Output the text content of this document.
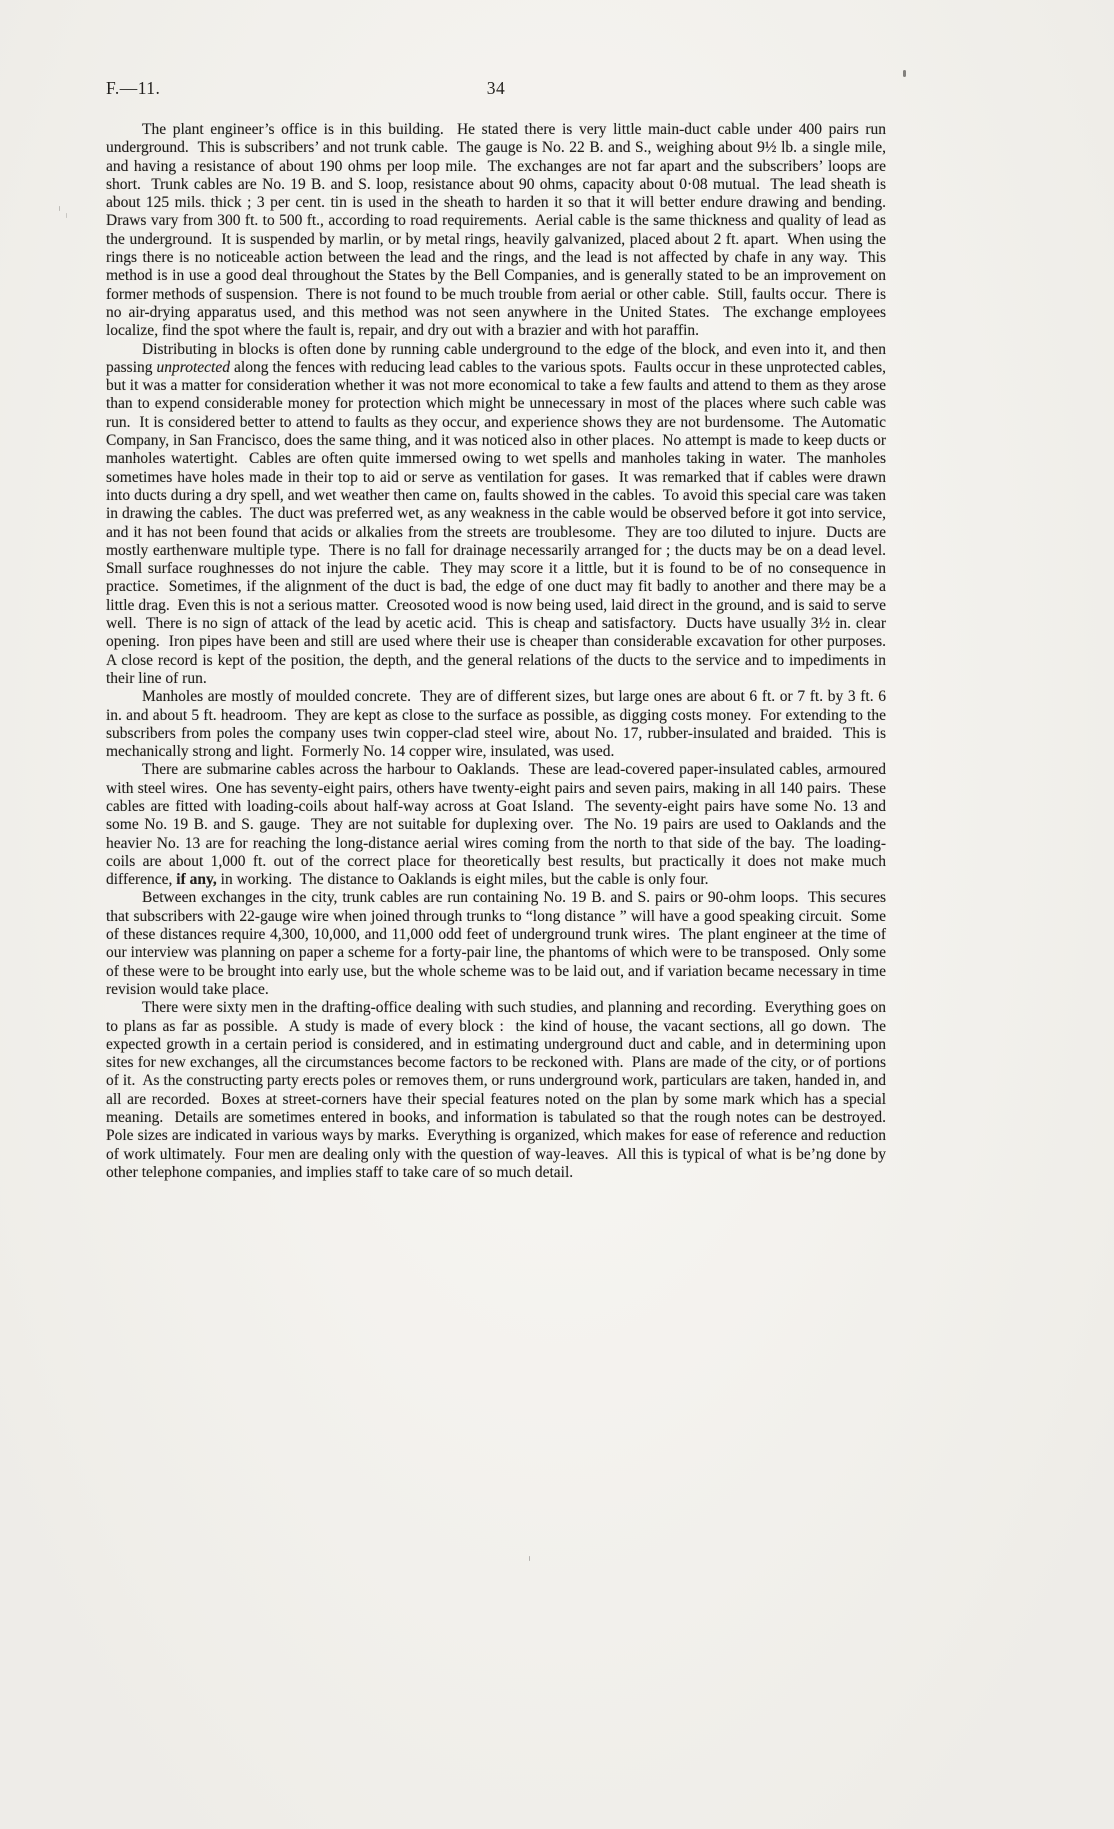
F.—11.	34

The plant engineer’s office is in this building.  He stated there is very little main-duct cable under 400 pairs run underground.  This is subscribers’ and not trunk cable.  The gauge is No. 22 B. and S., weighing about 9½ lb. a single mile, and having a resistance of about 190 ohms per loop mile.  The exchanges are not far apart and the subscribers’ loops are short.  Trunk cables are No. 19 B. and S. loop, resistance about 90 ohms, capacity about 0·08 mutual.  The lead sheath is about 125 mils. thick ; 3 per cent. tin is used in the sheath to harden it so that it will better endure drawing and bending.  Draws vary from 300 ft. to 500 ft., according to road requirements.  Aerial cable is the same thickness and quality of lead as the underground.  It is suspended by marlin, or by metal rings, heavily galvanized, placed about 2 ft. apart.  When using the rings there is no noticeable action between the lead and the rings, and the lead is not affected by chafe in any way.  This method is in use a good deal throughout the States by the Bell Companies, and is generally stated to be an improvement on former methods of suspension.  There is not found to be much trouble from aerial or other cable.  Still, faults occur.  There is no air-drying apparatus used, and this method was not seen anywhere in the United States.  The exchange employees localize, find the spot where the fault is, repair, and dry out with a brazier and with hot paraffin.

Distributing in blocks is often done by running cable underground to the edge of the block, and even into it, and then passing unprotected along the fences with reducing lead cables to the various spots.  Faults occur in these unprotected cables, but it was a matter for consideration whether it was not more economical to take a few faults and attend to them as they arose than to expend considerable money for protection which might be unnecessary in most of the places where such cable was run.  It is considered better to attend to faults as they occur, and experience shows they are not burdensome.  The Automatic Company, in San Francisco, does the same thing, and it was noticed also in other places.  No attempt is made to keep ducts or manholes watertight.  Cables are often quite immersed owing to wet spells and manholes taking in water.  The manholes sometimes have holes made in their top to aid or serve as ventilation for gases.  It was remarked that if cables were drawn into ducts during a dry spell, and wet weather then came on, faults showed in the cables.  To avoid this special care was taken in drawing the cables.  The duct was preferred wet, as any weakness in the cable would be observed before it got into service, and it has not been found that acids or alkalies from the streets are troublesome.  They are too diluted to injure.  Ducts are mostly earthenware multiple type.  There is no fall for drainage necessarily arranged for ; the ducts may be on a dead level.  Small surface roughnesses do not injure the cable.  They may score it a little, but it is found to be of no consequence in practice.  Sometimes, if the alignment of the duct is bad, the edge of one duct may fit badly to another and there may be a little drag.  Even this is not a serious matter.  Creosoted wood is now being used, laid direct in the ground, and is said to serve well.  There is no sign of attack of the lead by acetic acid.  This is cheap and satisfactory.  Ducts have usually 3½ in. clear opening.  Iron pipes have been and still are used where their use is cheaper than considerable excavation for other purposes.  A close record is kept of the position, the depth, and the general relations of the ducts to the service and to impediments in their line of run.

Manholes are mostly of moulded concrete.  They are of different sizes, but large ones are about 6 ft. or 7 ft. by 3 ft. 6 in. and about 5 ft. headroom.  They are kept as close to the surface as possible, as digging costs money.  For extending to the subscribers from poles the company uses twin copper-clad steel wire, about No. 17, rubber-insulated and braided.  This is mechanically strong and light.  Formerly No. 14 copper wire, insulated, was used.

There are submarine cables across the harbour to Oaklands.  These are lead-covered paper-insulated cables, armoured with steel wires.  One has seventy-eight pairs, others have twenty-eight pairs and seven pairs, making in all 140 pairs.  These cables are fitted with loading-coils about half-way across at Goat Island.  The seventy-eight pairs have some No. 13 and some No. 19 B. and S. gauge.  They are not suitable for duplexing over.  The No. 19 pairs are used to Oaklands and the heavier No. 13 are for reaching the long-distance aerial wires coming from the north to that side of the bay.  The loading-coils are about 1,000 ft. out of the correct place for theoretically best results, but practically it does not make much difference, if any, in working.  The distance to Oaklands is eight miles, but the cable is only four.

Between exchanges in the city, trunk cables are run containing No. 19 B. and S. pairs or 90-ohm loops.  This secures that subscribers with 22-gauge wire when joined through trunks to “long distance ” will have a good speaking circuit.  Some of these distances require 4,300, 10,000, and 11,000 odd feet of underground trunk wires.  The plant engineer at the time of our interview was planning on paper a scheme for a forty-pair line, the phantoms of which were to be transposed.  Only some of these were to be brought into early use, but the whole scheme was to be laid out, and if variation became necessary in time revision would take place.

There were sixty men in the drafting-office dealing with such studies, and planning and recording.  Everything goes on to plans as far as possible.  A study is made of every block :  the kind of house, the vacant sections, all go down.  The expected growth in a certain period is considered, and in estimating underground duct and cable, and in determining upon sites for new exchanges, all the circumstances become factors to be reckoned with.  Plans are made of the city, or of portions of it.  As the constructing party erects poles or removes them, or runs underground work, particulars are taken, handed in, and all are recorded.  Boxes at street-corners have their special features noted on the plan by some mark which has a special meaning.  Details are sometimes entered in books, and information is tabulated so that the rough notes can be destroyed.  Pole sizes are indicated in various ways by marks.  Everything is organized, which makes for ease of reference and reduction of work ultimately.  Four men are dealing only with the question of way-leaves.  All this is typical of what is be’ng done by other telephone companies, and implies staff to take care of so much detail.
